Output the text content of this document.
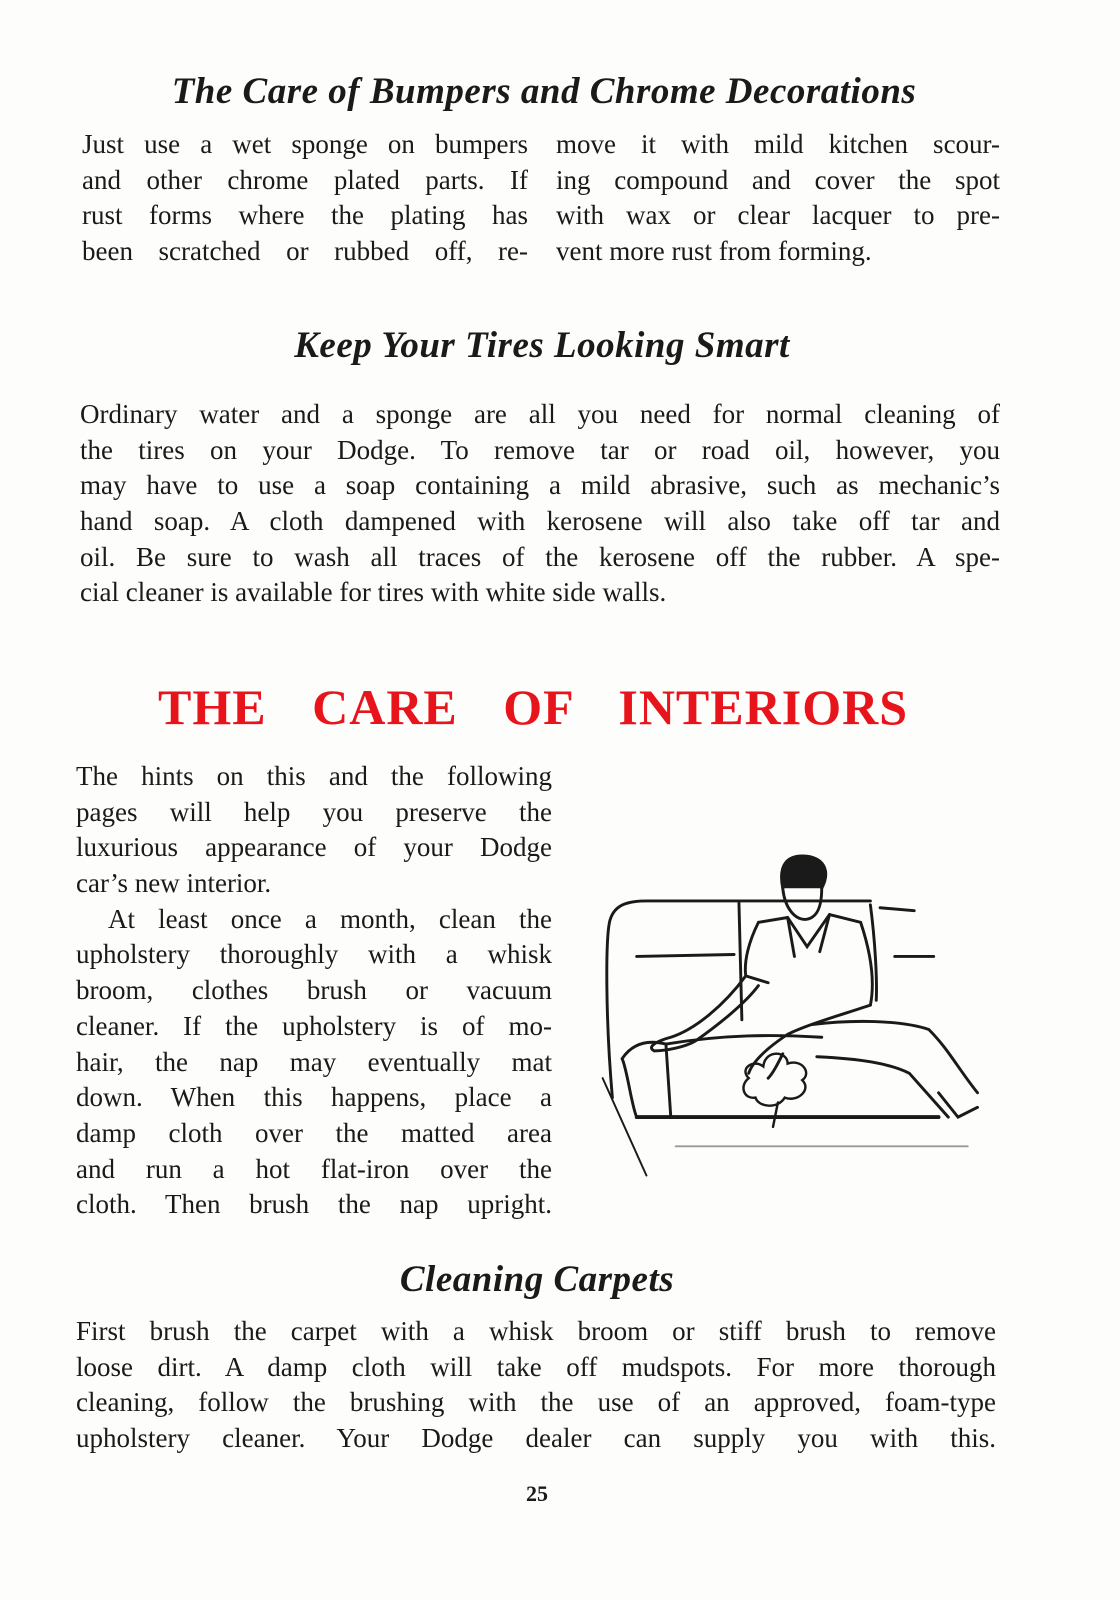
The Care of Bumpers and Chrome Decorations
Just use a wet sponge on bumpers
and other chrome plated parts. If
rust forms where the plating has
been scratched or rubbed off, re-
move it with mild kitchen scour-
ing compound and cover the spot
with wax or clear lacquer to pre-
vent more rust from forming.
Keep Your Tires Looking Smart
Ordinary water and a sponge are all you need for normal cleaning of
the tires on your Dodge. To remove tar or road oil, however, you
may have to use a soap containing a mild abrasive, such as mechanic’s
hand soap. A cloth dampened with kerosene will also take off tar and
oil. Be sure to wash all traces of the kerosene off the rubber. A spe-
cial cleaner is available for tires with white side walls.
THE CARE OF INTERIORS
The hints on this and the following
pages will help you preserve the
luxurious appearance of your Dodge
car’s new interior.
At least once a month, clean the
upholstery thoroughly with a whisk
broom, clothes brush or vacuum
cleaner. If the upholstery is of mo-
hair, the nap may eventually mat
down. When this happens, place a
damp cloth over the matted area
and run a hot flat-iron over the
cloth. Then brush the nap upright.
Cleaning Carpets
First brush the carpet with a whisk broom or stiff brush to remove
loose dirt. A damp cloth will take off mudspots. For more thorough
cleaning, follow the brushing with the use of an approved, foam-type
upholstery cleaner. Your Dodge dealer can supply you with this.
25
